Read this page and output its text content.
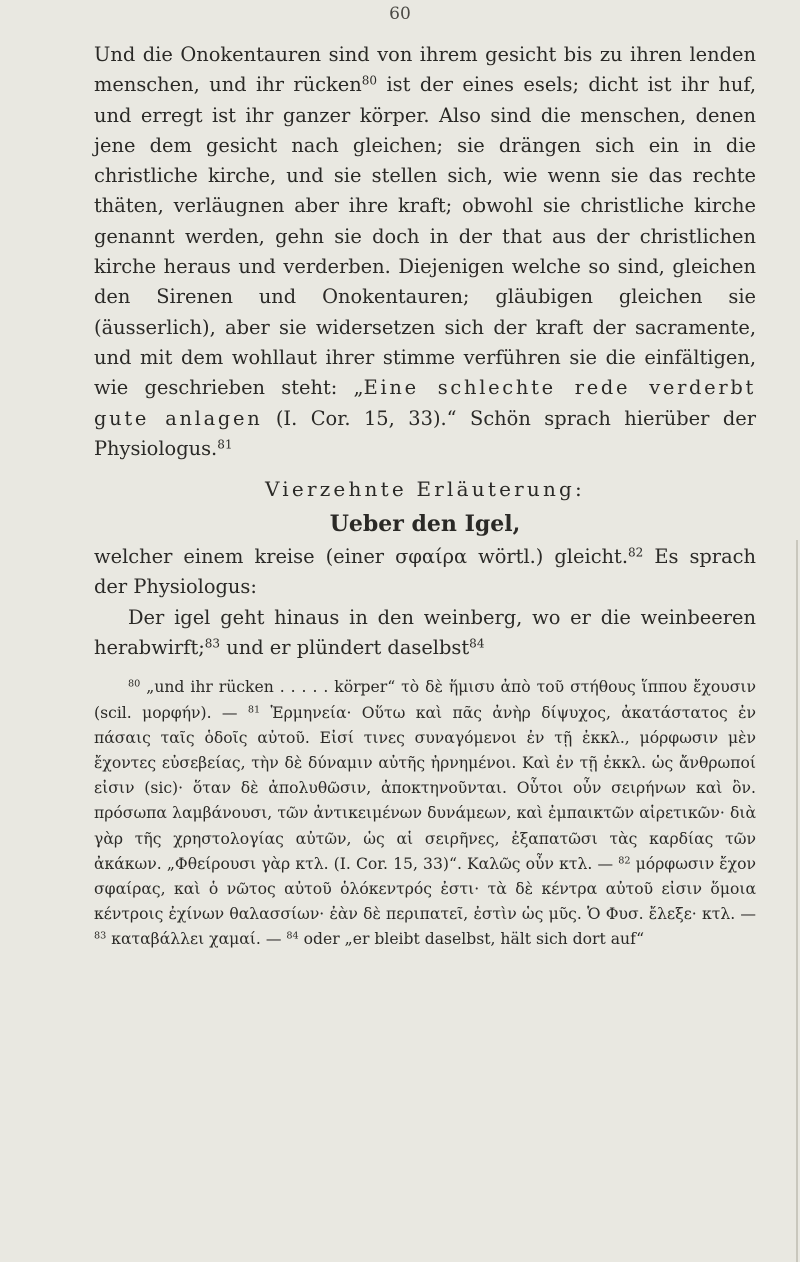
60

Und die Onokentauren sind von ihrem gesicht bis zu ihren lenden menschen, und ihr rücken$^{80}$ ist der eines esels; dicht ist ihr huf, und erregt ist ihr ganzer körper. Also sind die menschen, denen jene dem gesicht nach gleichen; sie drängen sich ein in die christliche kirche, und sie stellen sich, wie wenn sie das rechte thäten, verläugnen aber ihre kraft; obwohl sie christliche kirche genannt werden, gehn sie doch in der that aus der christlichen kirche heraus und verderben. Diejenigen welche so sind, gleichen den Sirenen und Onokentauren; gläubigen gleichen sie (äusserlich), aber sie widersetzen sich der kraft der sacramente, und mit dem wohllaut ihrer stimme verführen sie die einfältigen, wie geschrieben steht: „Eine schlechte rede verderbt gute anlagen (I. Cor. 15, 33).“ Schön sprach hierüber der Physiologus.$^{81}$

Vierzehnte Erläuterung:
Ueber den Igel,

welcher einem kreise (einer σφαίρα wörtl.) gleicht.$^{82}$ Es sprach der Physiologus:

Der igel geht hinaus in den weinberg, wo er die weinbeeren herabwirft;$^{83}$ und er plündert daselbst$^{84}$

$^{80}$ „und ihr rücken . . . . . körper“ τὸ δὲ ἥμισυ ἀπὸ τοῦ στήθους ἵππου ἔχουσιν (scil. μορφήν). — $^{81}$ Ἑρμηνεία· Οὕτω καὶ πᾶς ἀνὴρ δίψυχος, ἀκατάστατος ἐν πάσαις ταῖς ὁδοῖς αὐτοῦ. Εἰσί τινες συναγόμενοι ἐν τῇ ἐκκλ., μόρφωσιν μὲν ἔχοντες εὐσεβείας, τὴν δὲ δύναμιν αὐτῆς ἠρνημένοι. Καὶ ἐν τῇ ἐκκλ. ὡς ἄνθρωποί εἰσιν (sic)· ὅταν δὲ ἀπολυθῶσιν, ἀποκτηνοῦνται. Οὗτοι οὖν σειρήνων καὶ ὂν. πρόσωπα λαμβάνουσι, τῶν ἀντικειμένων δυνάμεων, καὶ ἐμπαικτῶν αἱρετικῶν· διὰ γὰρ τῆς χρηστολογίας αὐτῶν, ὡς αἱ σειρῆνες, ἐξαπατῶσι τὰς καρδίας τῶν ἀκάκων. „Φθείρουσι γὰρ κτλ. (I. Cor. 15, 33)“. Καλῶς οὖν κτλ. — $^{82}$ μόρφωσιν ἔχον σφαίρας, καὶ ὁ νῶτος αὐτοῦ ὁλόκεντρός ἐστι· τὰ δὲ κέντρα αὐτοῦ εἰσιν ὅμοια κέντροις ἐχίνων θαλασσίων· ἐὰν δὲ περιπατεῖ, ἐστὶν ὡς μῦς. Ὁ Φυσ. ἔλεξε· κτλ. — $^{83}$ καταβάλλει χαμαί. — $^{84}$ oder „er bleibt daselbst, hält sich dort auf“
